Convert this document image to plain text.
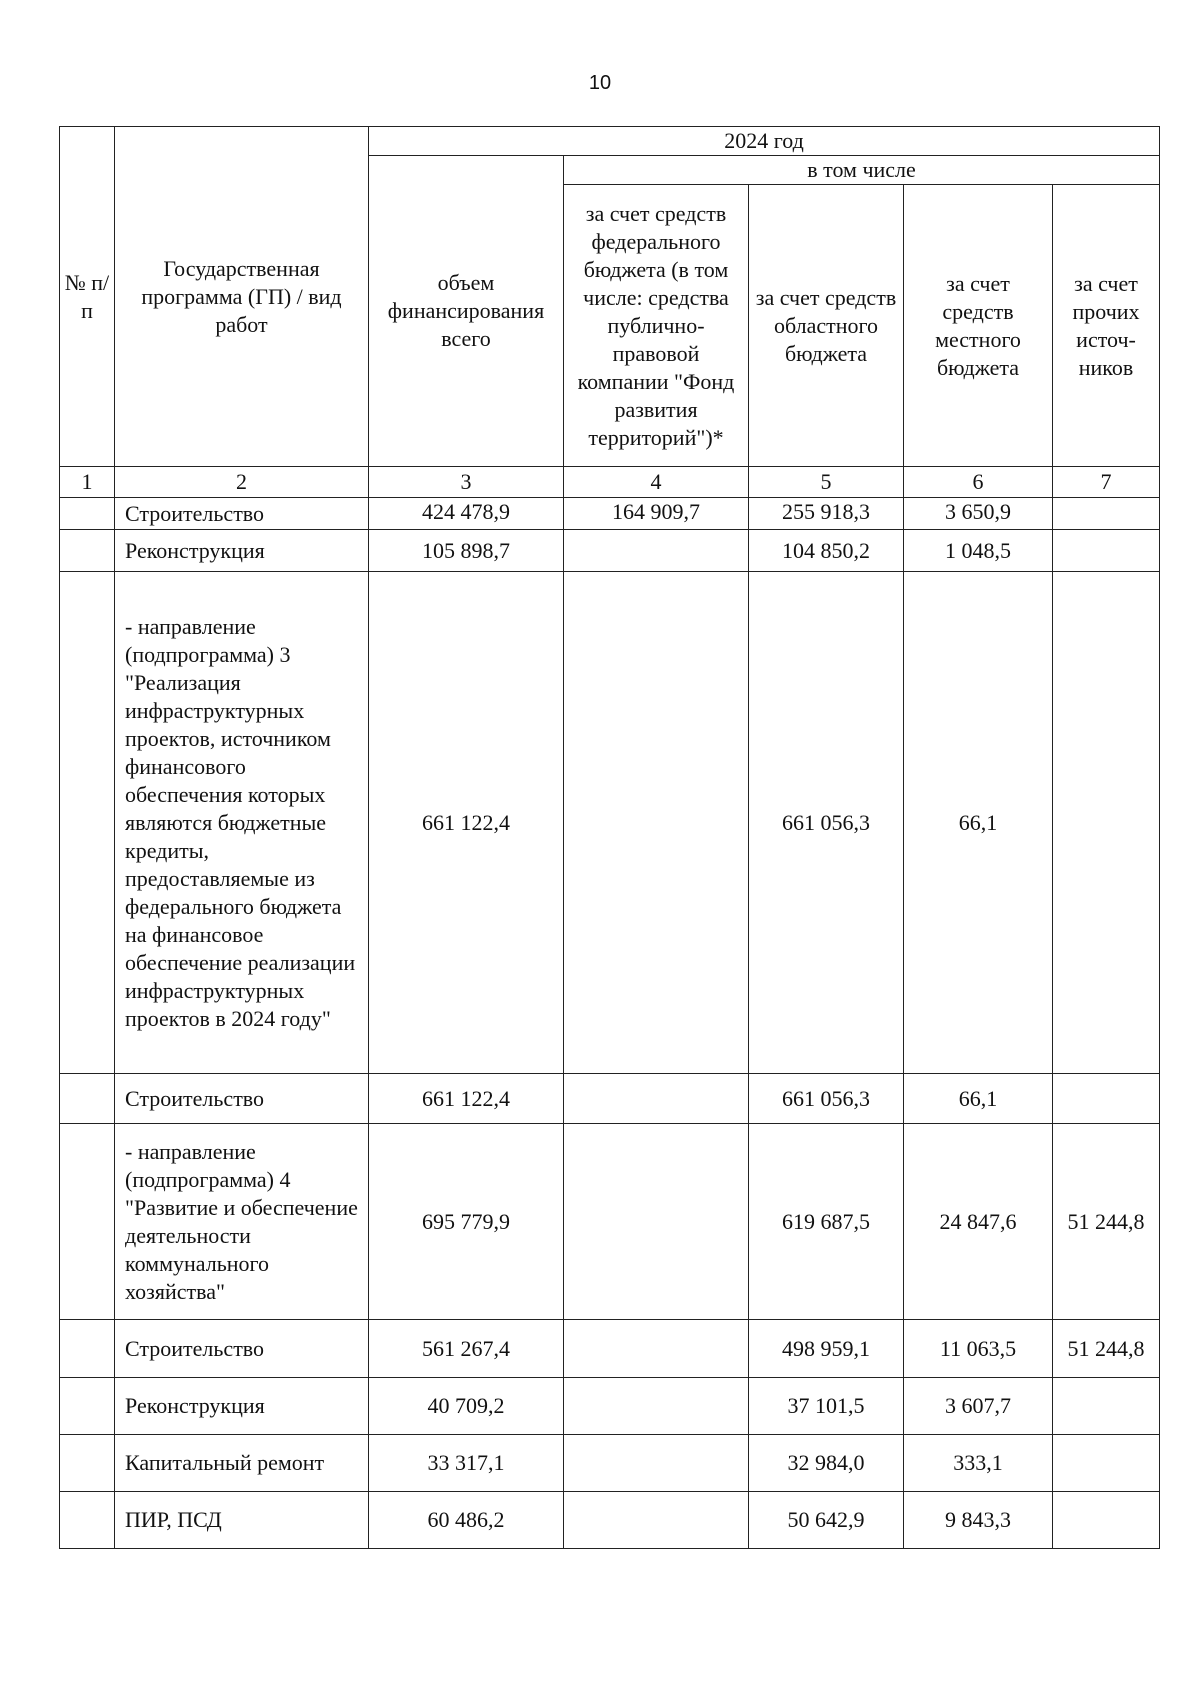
10
№ п/п	Государственная программа (ГП) / вид работ	2024 год				
		объем финансирования всего	в том числе			
			за счет средств федерального бюджета (в том числе: средства публично-правовой компании "Фонд развития территорий")*	за счет средств областного бюджета	за счет средств местного бюджета	за счет прочих источ-ников
1	2	3	4	5	6	7
	Строительство	424 478,9	164 909,7	255 918,3	3 650,9	
	Реконструкция	105 898,7		104 850,2	1 048,5	
	- направление (подпрограмма) 3 "Реализация инфраструктурных проектов, источником финансового обеспечения которых являются бюджетные кредиты, предоставляемые из федерального бюджета на финансовое обеспечение реализации инфраструктурных проектов в 2024 году"	661 122,4		661 056,3	66,1	
	Строительство	661 122,4		661 056,3	66,1	
	- направление (подпрограмма) 4 "Развитие и обеспечение деятельности коммунального хозяйства"	695 779,9		619 687,5	24 847,6	51 244,8
	Строительство	561 267,4		498 959,1	11 063,5	51 244,8
	Реконструкция	40 709,2		37 101,5	3 607,7	
	Капитальный ремонт	33 317,1		32 984,0	333,1	
	ПИР, ПСД	60 486,2		50 642,9	9 843,3	
